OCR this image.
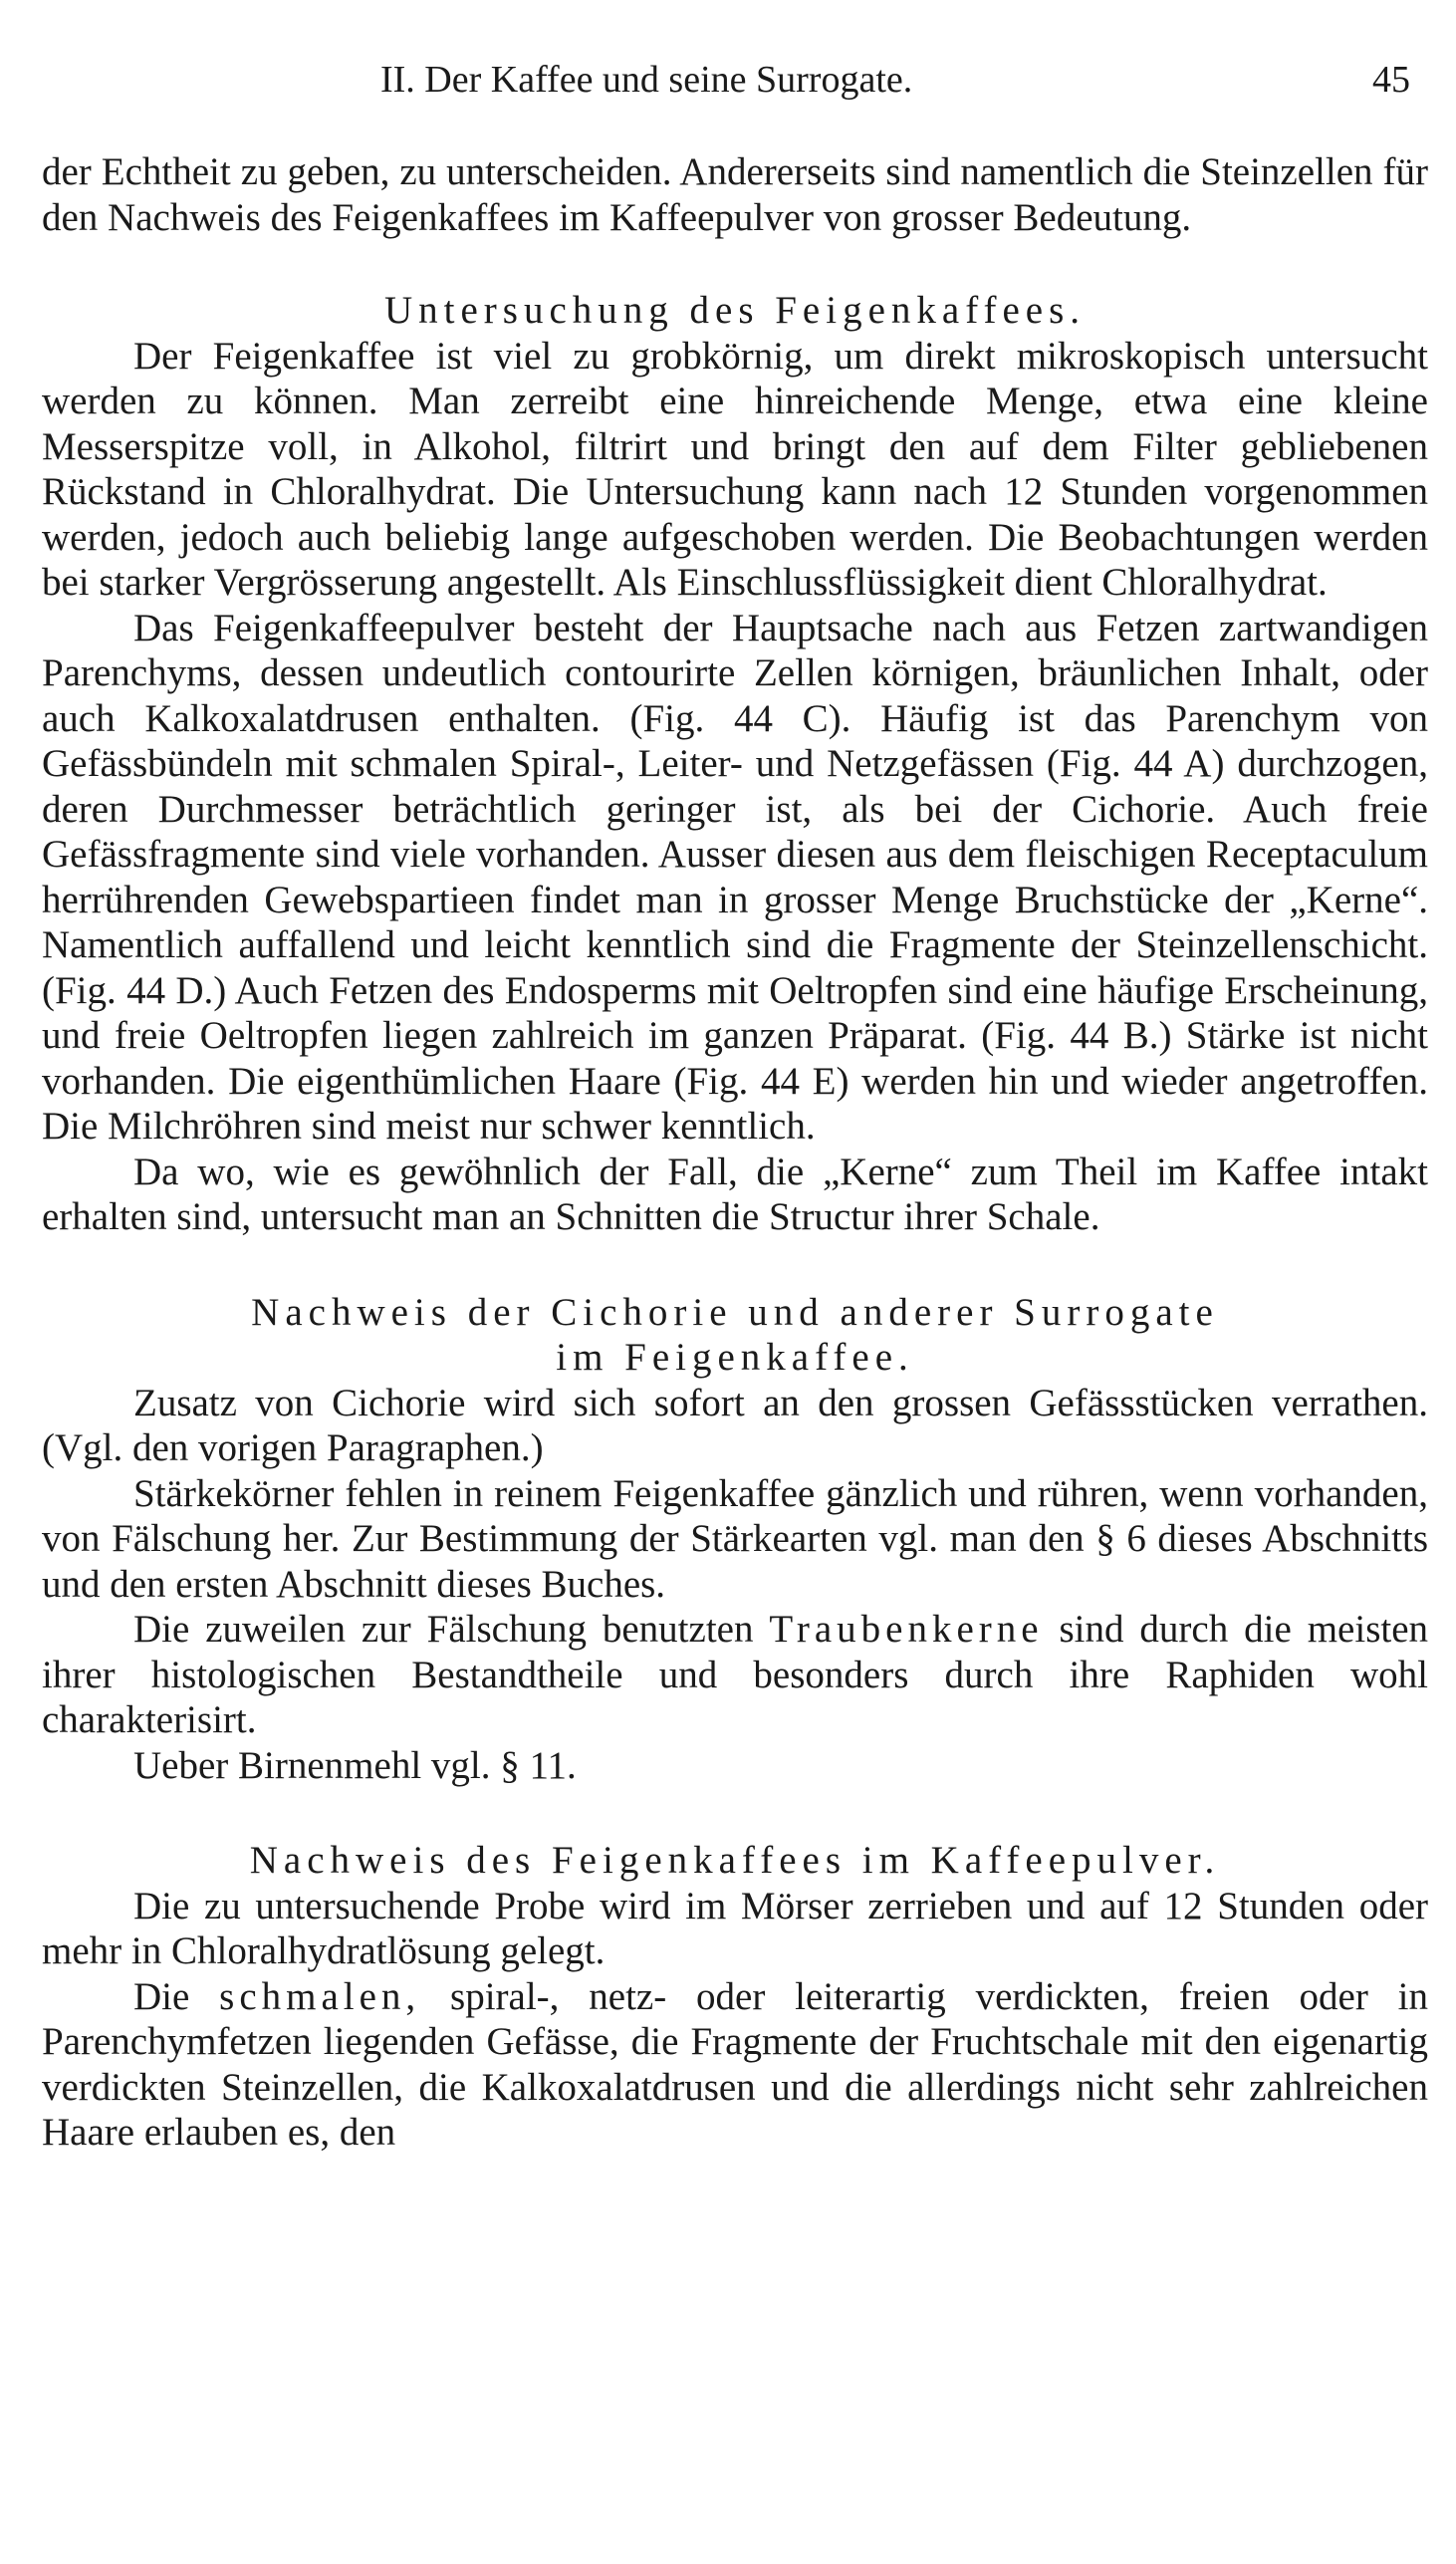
II. Der Kaffee und seine Surrogate.	45

der Echtheit zu geben, zu unterscheiden. Andererseits sind namentlich die Steinzellen für den Nachweis des Feigenkaffees im Kaffeepulver von grosser Bedeutung.

Untersuchung des Feigenkaffees.

Der Feigenkaffee ist viel zu grobkörnig, um direkt mikroskopisch untersucht werden zu können. Man zerreibt eine hinreichende Menge, etwa eine kleine Messerspitze voll, in Alkohol, filtrirt und bringt den auf dem Filter gebliebenen Rückstand in Chloralhydrat. Die Untersuchung kann nach 12 Stunden vorgenommen werden, jedoch auch beliebig lange aufgeschoben werden. Die Beobachtungen werden bei starker Vergrösserung angestellt. Als Einschlussflüssigkeit dient Chloralhydrat.

Das Feigenkaffeepulver besteht der Hauptsache nach aus Fetzen zartwandigen Parenchyms, dessen undeutlich contourirte Zellen körnigen, bräunlichen Inhalt, oder auch Kalkoxalatdrusen enthalten. (Fig. 44 C). Häufig ist das Parenchym von Gefässbündeln mit schmalen Spiral-, Leiter- und Netzgefässen (Fig. 44 A) durchzogen, deren Durchmesser beträchtlich geringer ist, als bei der Cichorie. Auch freie Gefässfragmente sind viele vorhanden. Ausser diesen aus dem fleischigen Receptaculum herrührenden Gewebspartieen findet man in grosser Menge Bruchstücke der „Kerne“. Namentlich auffallend und leicht kenntlich sind die Fragmente der Steinzellenschicht. (Fig. 44 D.) Auch Fetzen des Endosperms mit Oeltropfen sind eine häufige Erscheinung, und freie Oeltropfen liegen zahlreich im ganzen Präparat. (Fig. 44 B.) Stärke ist nicht vorhanden. Die eigenthümlichen Haare (Fig. 44 E) werden hin und wieder angetroffen. Die Milchröhren sind meist nur schwer kenntlich.

Da wo, wie es gewöhnlich der Fall, die „Kerne“ zum Theil im Kaffee intakt erhalten sind, untersucht man an Schnitten die Structur ihrer Schale.

Nachweis der Cichorie und anderer Surrogate

im Feigenkaffee.

Zusatz von Cichorie wird sich sofort an den grossen Gefässstücken verrathen. (Vgl. den vorigen Paragraphen.)

Stärkekörner fehlen in reinem Feigenkaffee gänzlich und rühren, wenn vorhanden, von Fälschung her. Zur Bestimmung der Stärkearten vgl. man den § 6 dieses Abschnitts und den ersten Abschnitt dieses Buches.

Die zuweilen zur Fälschung benutzten Traubenkerne sind durch die meisten ihrer histologischen Bestandtheile und besonders durch ihre Raphiden wohl charakterisirt.

Ueber Birnenmehl vgl. § 11.

Nachweis des Feigenkaffees im Kaffeepulver.

Die zu untersuchende Probe wird im Mörser zerrieben und auf 12 Stunden oder mehr in Chloralhydratlösung gelegt.

Die schmalen, spiral-, netz- oder leiterartig verdickten, freien oder in Parenchymfetzen liegenden Gefässe, die Fragmente der Fruchtschale mit den eigenartig verdickten Steinzellen, die Kalkoxalatdrusen und die allerdings nicht sehr zahlreichen Haare erlauben es, den
